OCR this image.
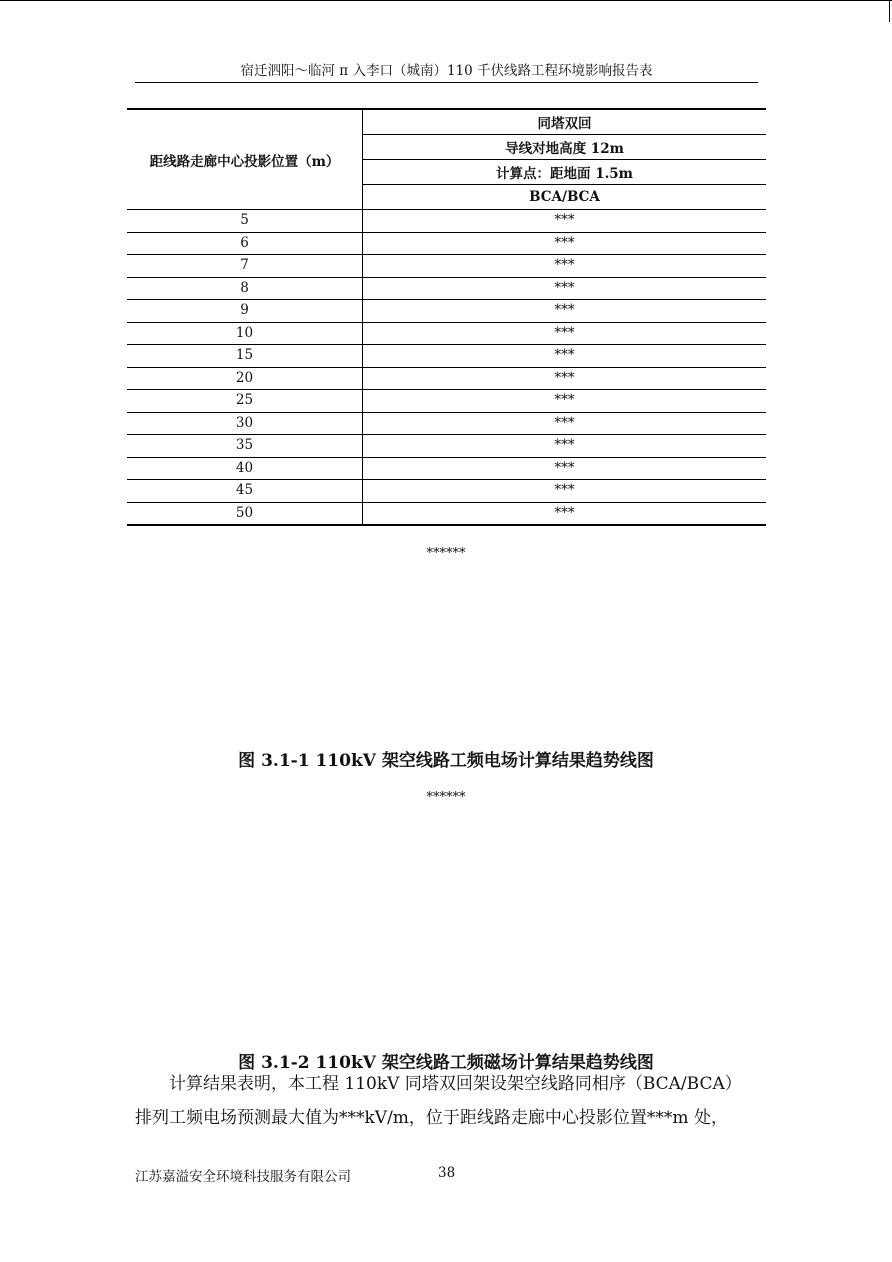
宿迁泗阳～临河 π 入李口（城南）110 千伏线路工程环境影响报告表
距线路走廊中心投影位置（m）	同塔双回
	导线对地高度 12m
	计算点：距地面 1.5m
	BCA/BCA
5	***
6	***
7	***
8	***
9	***
10	***
15	***
20	***
25	***
30	***
35	***
40	***
45	***
50	***
******
图 3.1-1 110kV 架空线路工频电场计算结果趋势线图
******
图 3.1-2 110kV 架空线路工频磁场计算结果趋势线图
计算结果表明，本工程 110kV 同塔双回架设架空线路同相序（BCA/BCA）
排列工频电场预测最大值为***kV/m，位于距线路走廊中心投影位置***m 处，
江苏嘉溢安全环境科技服务有限公司	38
